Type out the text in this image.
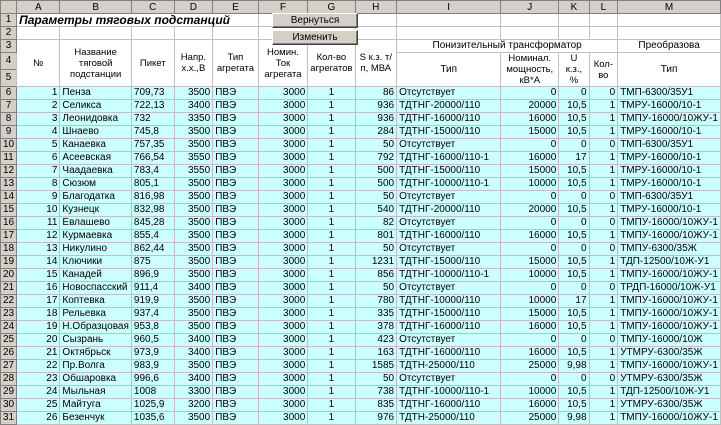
	A	B	C	D	E	F	G	H	I	J	K	L	M
1	Параметры тяговых подстанций												
2													
3	№	Название тяговой подстанции	Пикет	Напр. х.х.,В	Тип агрегата	Номин. Ток агрегата	Кол-во агрегатов	S к.з. т/п, МВА	Понизительный трансформатор				Преобразова
4									Тип	Номинал. мощность, кВ*А	U к.з., %	Кол-во	Тип
5													
6	1	Пенза	709,73	3500	ПВЭ	3000	1	86	Отсутствует	0	0	0	ТМП-6300/35У1
7	2	Селикса	722,13	3400	ПВЭ	3000	1	936	ТДТНГ-20000/110	20000	10,5	1	ТМРУ-16000/10-1
8	3	Леонидовка	732	3350	ПВЭ	3000	1	936	ТДТНГ-16000/110	16000	10,5	1	ТМПУ-16000/10ЖУ-1
9	4	Шнаево	745,8	3500	ПВЭ	3000	1	284	ТДТНГ-15000/110	15000	10,5	1	ТМРУ-16000/10-1
10	5	Канаевка	757,35	3500	ПВЭ	3000	1	50	Отсутствует	0	0	0	ТМП-6300/35У1
11	6	Асеевская	766,54	3550	ПВЭ	3000	1	792	ТДТНГ-16000/110-1	16000	17	1	ТМРУ-16000/10-1
12	7	Чаадаевка	783,4	3550	ПВЭ	3000	1	500	ТДТНГ-15000/110	15000	10,5	1	ТМРУ-16000/10-1
13	8	Сюзюм	805,1	3500	ПВЭ	3000	1	500	ТДТНГ-10000/110-1	10000	10,5	1	ТМРУ-16000/10-1
14	9	Благодатка	816,98	3500	ПВЭ	3000	1	50	Отсутствует	0	0	0	ТМП-6300/35У1
15	10	Кузнецк	832,98	3500	ПВЭ	3000	1	540	ТДТНГ-20000/110	20000	10,5	1	ТМРУ-16000/10-1
16	11	Евлашево	845,28	3500	ПВЭ	3000	1	82	Отсутствует	0	0	0	ТМПУ-16000/10ЖУ-1
17	12	Курмаевка	855,4	3500	ПВЭ	3000	1	801	ТДТНГ-16000/110	16000	10,5	1	ТМПУ-16000/10ЖУ-1
18	13	Никулино	862,44	3500	ПВЭ	3000	1	50	Отсутствует	0	0	0	ТМПУ-6300/35Ж
19	14	Ключики	875	3500	ПВЭ	3000	1	1231	ТДТНГ-15000/110	15000	10,5	1	ТДП-12500/10Ж-У1
20	15	Канадей	896,9	3500	ПВЭ	3000	1	856	ТДТНГ-10000/110-1	10000	10,5	1	ТМПУ-16000/10ЖУ-1
21	16	Новоспасский	911,4	3400	ПВЭ	3000	1	50	Отсутствует	0	0	0	ТРДП-16000/10Ж-У1
22	17	Коптевка	919,9	3500	ПВЭ	3000	1	780	ТДТНГ-10000/110	10000	17	1	ТМПУ-16000/10ЖУ-1
23	18	Рельевка	937,4	3500	ПВЭ	3000	1	335	ТДТНГ-15000/110	15000	10,5	1	ТМПУ-16000/10ЖУ-1
24	19	Н.Образцовая	953,8	3500	ПВЭ	3000	1	378	ТДТНГ-16000/110	16000	10,5	1	ТМПУ-16000/10ЖУ-1
25	20	Сызрань	960,5	3400	ПВЭ	3000	1	423	Отсутствует	0	0	0	ТМПУ-16000/10Ж
26	21	Октябрьск	973,9	3400	ПВЭ	3000	1	163	ТДТНГ-16000/110	16000	10,5	1	УТМРУ-6300/35Ж
27	22	Пр.Волга	983,9	3500	ПВЭ	3000	1	1585	ТДТН-25000/110	25000	9,98	1	ТМПУ-16000/10ЖУ-1
28	23	Обшаровка	996,6	3400	ПВЭ	3000	1	50	Отсутствует	0	0	0	УТМРУ-6300/35Ж
29	24	Мыльная	1008	3300	ПВЭ	3000	1	738	ТДТНГ-10000/110-1	10000	10,5	1	ТДП-12500/10Ж-У1
30	25	Майтуга	1025,9	3200	ПВЭ	3000	1	835	ТДТНГ-16000/110	16000	10,5	1	УТМРУ-6300/35Ж
31	26	Безенчук	1035,6	3500	ПВЭ	3000	1	976	ТДТН-25000/110	25000	9,98	1	ТМПУ-16000/10ЖУ-1
Вернуться
Изменить
